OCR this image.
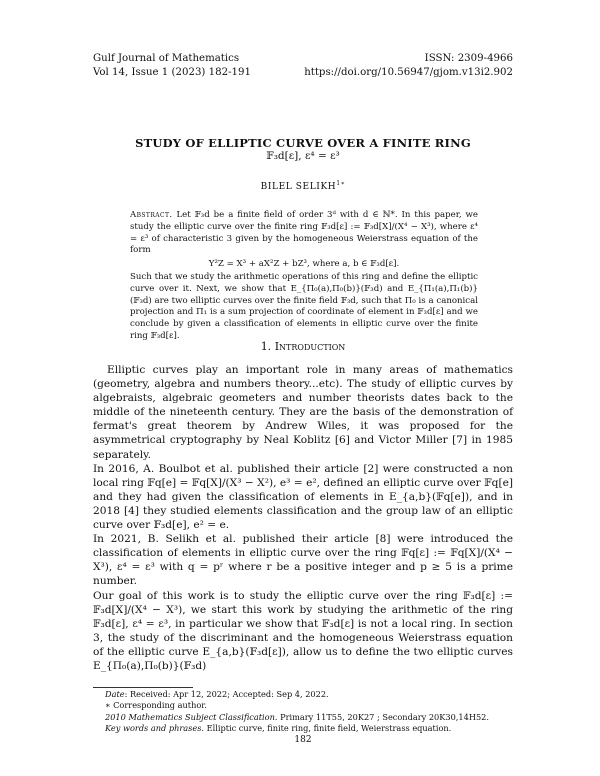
Gulf Journal of Mathematics	ISSN: 2309-4966
Vol 14, Issue 1 (2023) 182-191	https://doi.org/10.56947/gjom.v13i2.902
STUDY OF ELLIPTIC CURVE OVER A FINITE RING
𝔽₃d[ε], ε⁴ = ε³
BILEL $SELIKH^{1∗}$

Abstract. Let 𝔽₃d be a finite field of order 3ᵈ with d ∈ ℕ*. In this paper, we study the elliptic curve over the finite ring 𝔽₃d[ε] := 𝔽₃d[X]/(X⁴ − X³), where ε⁴ = ε³ of characteristic 3 given by the homogeneous Weierstrass equation of the form

Y²Z = X³ + aX²Z + bZ³, where a, b ∈ 𝔽₃d[ε].

Such that we study the arithmetic operations of this ring and define the elliptic curve over it. Next, we show that E_{Π₀(a),Π₀(b)}(𝔽₃d) and E_{Π₁(a),Π₁(b)}(𝔽₃d) are two elliptic curves over the finite field 𝔽₃d, such that Π₀ is a canonical projection and Π₁ is a sum projection of coordinate of element in 𝔽₃d[ε] and we conclude by given a classification of elements in elliptic curve over the finite ring 𝔽₃d[ε].

1. Introduction

Elliptic curves play an important role in many areas of mathematics (geometry, algebra and numbers theory...etc). The study of elliptic curves by algebraists, algebraic geometers and number theorists dates back to the middle of the nineteenth century. They are the basis of the demonstration of fermat's great theorem by Andrew Wiles, it was proposed for the asymmetrical cryptography by Neal Koblitz [6] and Victor Miller [7] in 1985 separately.

In 2016, A. Boulbot et al. published their article [2] were constructed a non local ring 𝔽q[e] = 𝔽q[X]/(X³ − X²), e³ = e², defined an elliptic curve over 𝔽q[e] and they had given the classification of elements in E_{a,b}(𝔽q[e]), and in 2018 [4] they studied elements classification and the group law of an elliptic curve over 𝔽₃d[e], e² = e.

In 2021, B. Selikh et al. published their article [8] were introduced the classification of elements in elliptic curve over the ring 𝔽q[ε] := 𝔽q[X]/(X⁴ − X³), ε⁴ = ε³ with q = pʳ where r be a positive integer and p ≥ 5 is a prime number.

Our goal of this work is to study the elliptic curve over the ring 𝔽₃d[ε] := 𝔽₃d[X]/(X⁴ − X³), we start this work by studying the arithmetic of the ring 𝔽₃d[ε], ε⁴ = ε³, in particular we show that 𝔽₃d[ε] is not a local ring. In section 3, the study of the discriminant and the homogeneous Weierstrass equation of the elliptic curve E_{a,b}(𝔽₃d[ε]), allow us to define the two elliptic curves E_{Π₀(a),Π₀(b)}(𝔽₃d)

Date: Received: Apr 12, 2022; Accepted: Sep 4, 2022.
∗ Corresponding author.
2010 Mathematics Subject Classification. Primary 11T55, 20K27 ; Secondary 20K30,14H52.
Key words and phrases. Elliptic curve, finite ring, finite field, Weierstrass equation.
182
